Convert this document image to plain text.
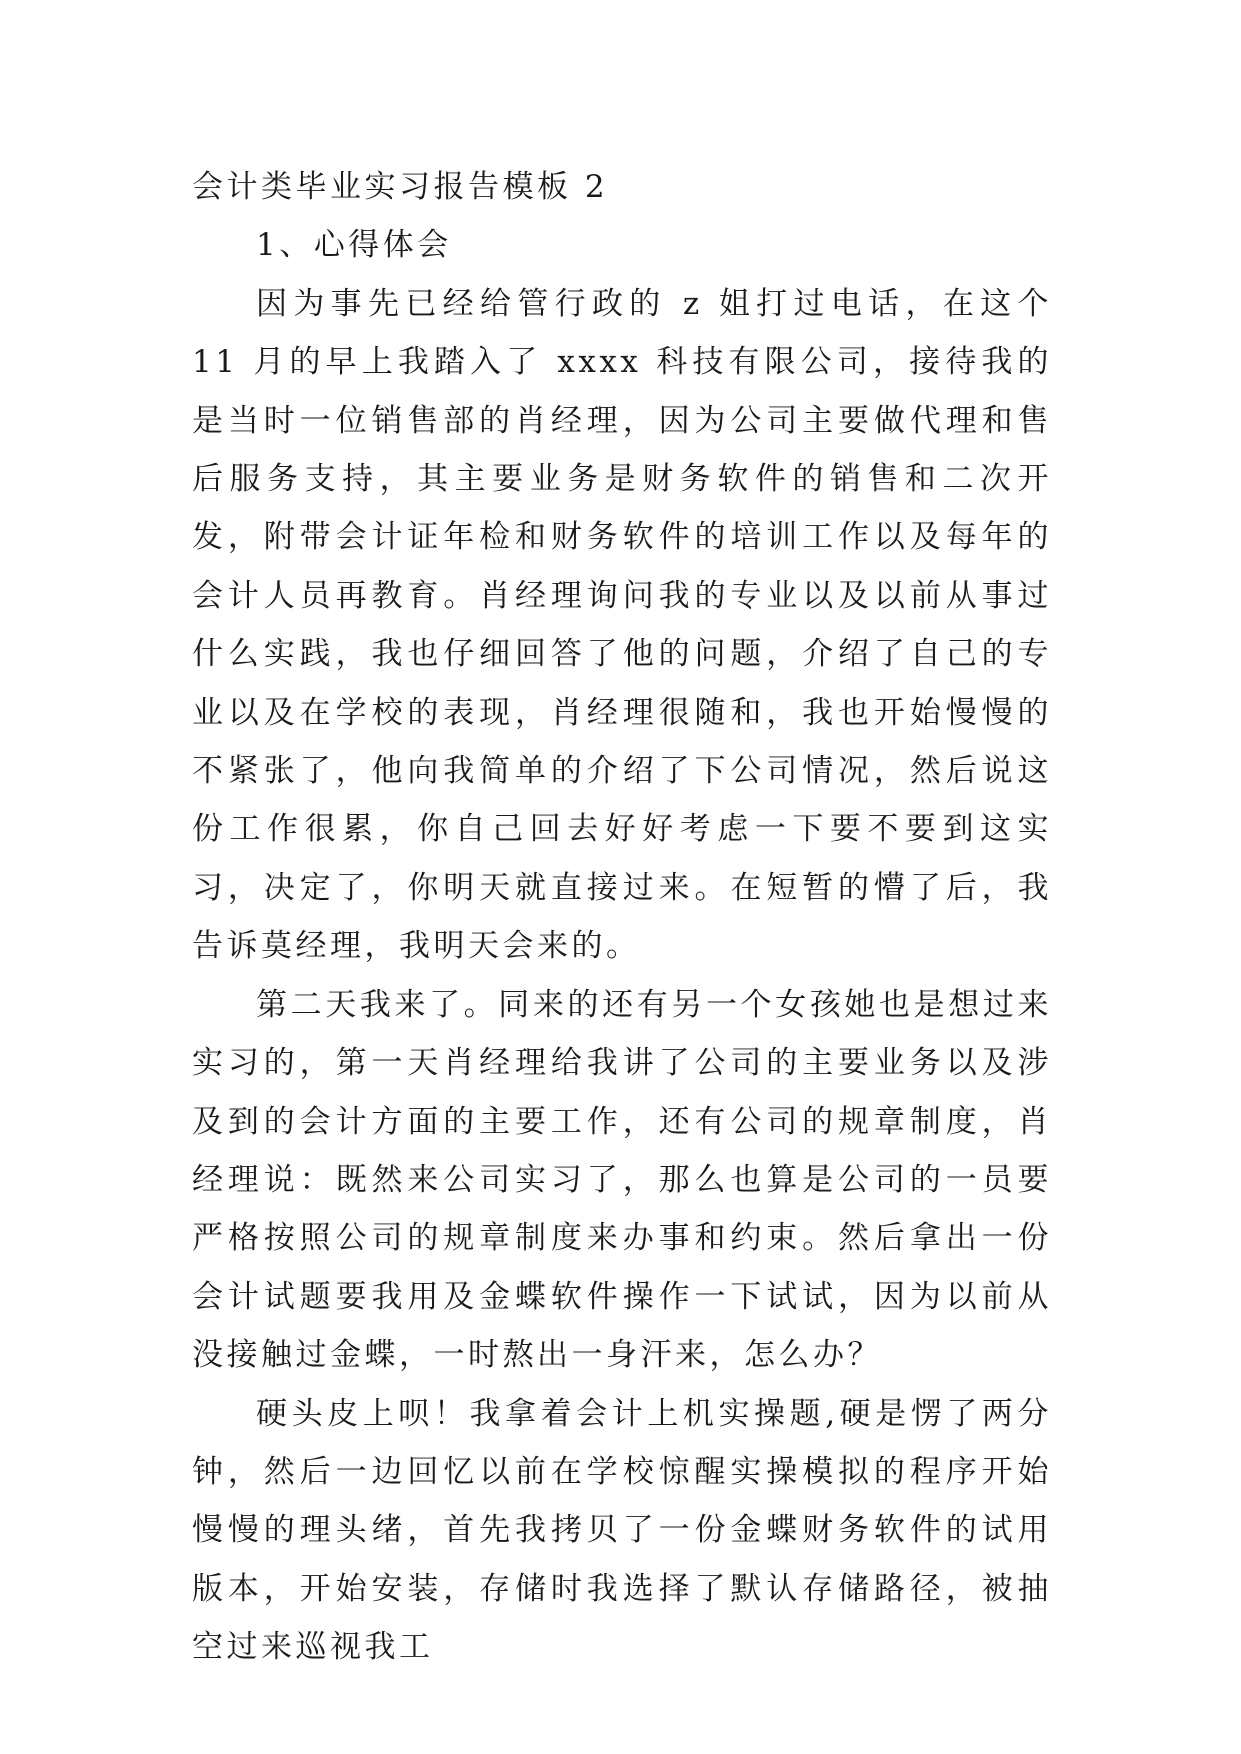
会计类毕业实习报告模板 2

1、心得体会

因为事先已经给管行政的 z 姐打过电话，在这个 11 月的早上我踏入了 xxxx 科技有限公司，接待我的是当时一位销售部的肖经理，因为公司主要做代理和售后服务支持，其主要业务是财务软件的销售和二次开发，附带会计证年检和财务软件的培训工作以及每年的会计人员再教育。肖经理询问我的专业以及以前从事过什么实践，我也仔细回答了他的问题，介绍了自己的专业以及在学校的表现，肖经理很随和，我也开始慢慢的不紧张了，他向我简单的介绍了下公司情况，然后说这份工作很累，你自己回去好好考虑一下要不要到这实习，决定了，你明天就直接过来。在短暂的懵了后，我告诉莫经理，我明天会来的。

第二天我来了。同来的还有另一个女孩她也是想过来实习的，第一天肖经理给我讲了公司的主要业务以及涉及到的会计方面的主要工作，还有公司的规章制度，肖经理说：既然来公司实习了，那么也算是公司的一员要严格按照公司的规章制度来办事和约束。然后拿出一份会计试题要我用及金蝶软件操作一下试试，因为以前从没接触过金蝶，一时熬出一身汗来，怎么办？

硬头皮上呗！我拿着会计上机实操题,硬是愣了两分钟，然后一边回忆以前在学校惊醒实操模拟的程序开始慢慢的理头绪，首先我拷贝了一份金蝶财务软件的试用版本，开始安装，存储时我选择了默认存储路径，被抽空过来巡视我工
